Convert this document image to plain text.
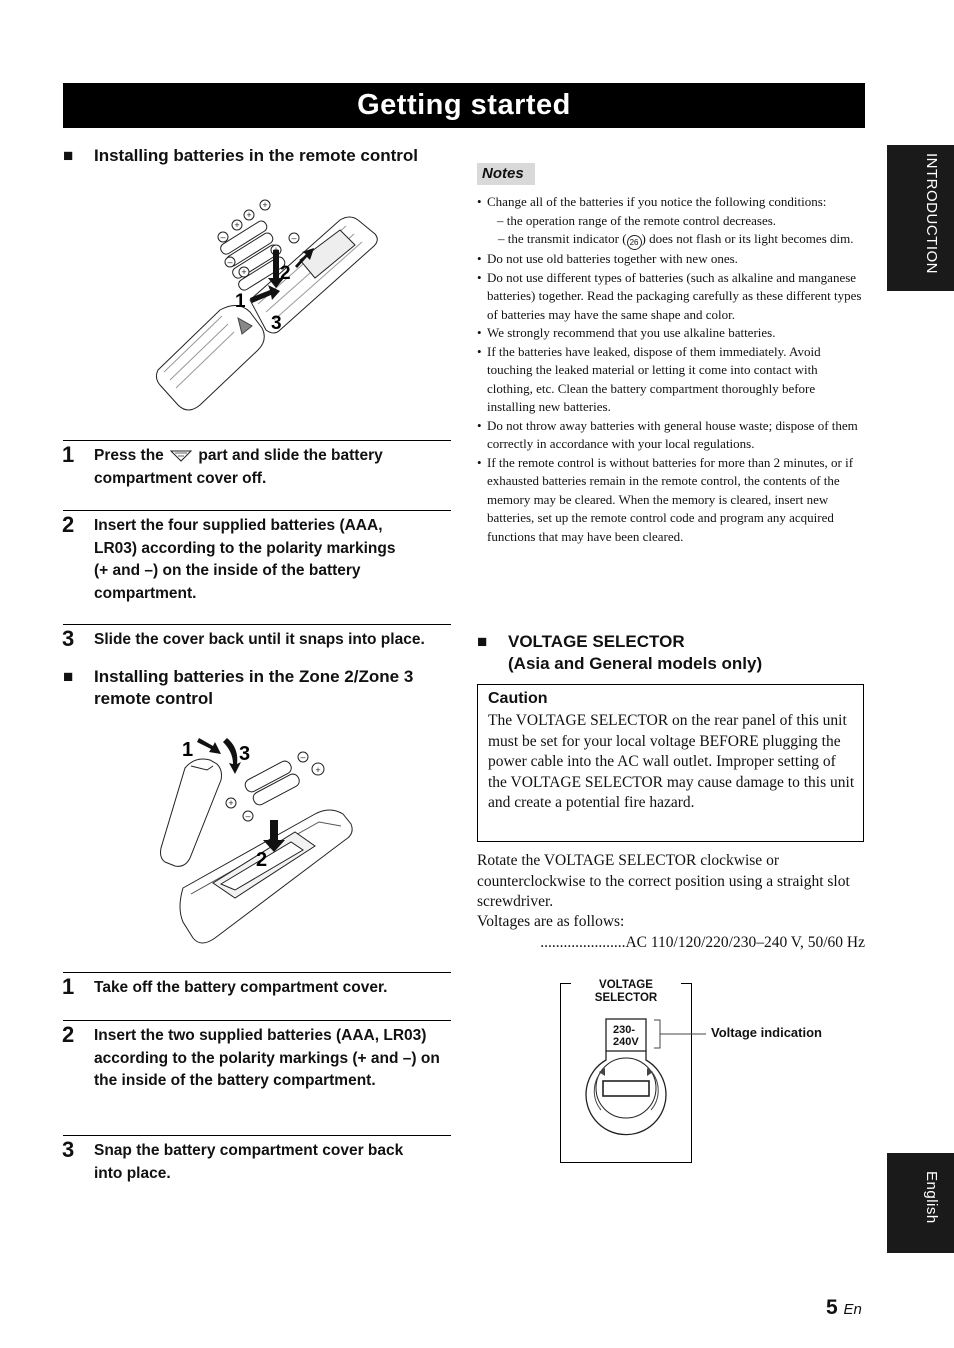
Getting started
INTRODUCTION
English
■ Installing batteries in the remote control
+
+
+
–	–
–
+
1
2
3
1 Press the part and slide the battery compartment cover off.
2 Insert the four supplied batteries (AAA, LR03) according to the polarity markings (+ and –) on the inside of the battery compartment.
3 Slide the cover back until it snaps into place.
■ Installing batteries in the Zone 2/Zone 3
remote control
–
+
+
–
1
2
3
1 Take off the battery compartment cover.
2 Insert the two supplied batteries (AAA, LR03) according to the polarity markings (+ and –) on the inside of the battery compartment.
3 Snap the battery compartment cover back into place.
Notes
• Change all of the batteries if you notice the following conditions:
– the operation range of the remote control decreases.
– the transmit indicator ( 26 ) does not flash or its light becomes dim.
• Do not use old batteries together with new ones.
• Do not use different types of batteries (such as alkaline and manganese batteries) together. Read the packaging carefully as these different types of batteries may have the same shape and color.
• We strongly recommend that you use alkaline batteries.
• If the batteries have leaked, dispose of them immediately. Avoid touching the leaked material or letting it come into contact with clothing, etc. Clean the battery compartment thoroughly before installing new batteries.
• Do not throw away batteries with general house waste; dispose of them correctly in accordance with your local regulations.
• If the remote control is without batteries for more than 2 minutes, or if exhausted batteries remain in the remote control, the contents of the memory may be cleared. When the memory is cleared, insert new batteries, set up the remote control code and program any acquired functions that may have been cleared.
■ VOLTAGE SELECTOR
(Asia and General models only)
Caution
The VOLTAGE SELECTOR on the rear panel of this unit must be set for your local voltage BEFORE plugging the power cable into the AC wall outlet. Improper setting of the VOLTAGE SELECTOR may cause damage to this unit and create a potential fire hazard.
Rotate the VOLTAGE SELECTOR clockwise or counterclockwise to the correct position using a straight slot screwdriver.
Voltages are as follows:
......................AC 110/120/220/230–240 V, 50/60 Hz
VOLTAGE
SELECTOR
230-
240V
Voltage indication
5 En
